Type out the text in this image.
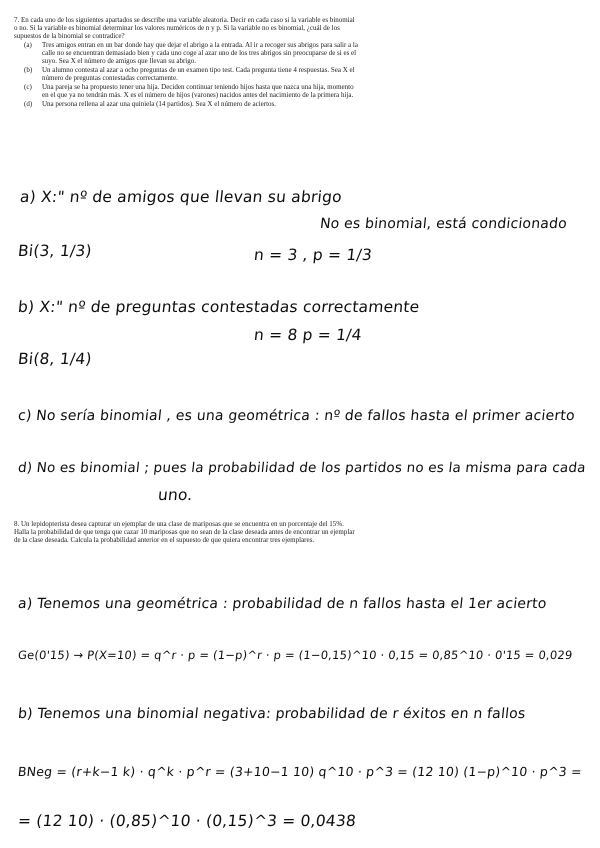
7. En cada uno de los siguientes apartados se describe una variable aleatoria. Decir en cada caso si la variable es binomial o no. Si la variable es binomial determinar los valores numéricos de n y p. Si la variable no es binomial, ¿cuál de los supuestos de la binomial se contradice?

(a)	Tres amigos entran en un bar donde hay que dejar el abrigo a la entrada. Al ir a recoger sus abrigos para salir a la calle no se encuentran demasiado bien y cada uno coge al azar uno de los tres abrigos sin preocuparse de si es el suyo. Sea X el número de amigos que llevan su abrigo.
(b)	Un alumno contesta al azar a ocho preguntas de un examen tipo test. Cada pregunta tiene 4 respuestas. Sea X el número de preguntas contestadas correctamente.
(c)	Una pareja se ha propuesto tener una hija. Deciden continuar teniendo hijos hasta que nazca una hija, momento en el que ya no tendrán más. X es el número de hijos (varones) nacidos antes del nacimiento de la primera hija.
(d)	Una persona rellena al azar una quiniela (14 partidos). Sea X el número de aciertos.
a) X:" nº de amigos que llevan su abrigo
No es binomial, está condicionado
Bi(3, 1/3)	n = 3 , p = 1/3
b) X:" nº de preguntas contestadas correctamente
n = 8 p = 1/4
Bi(8, 1/4)
c) No sería binomial , es una geométrica : nº de fallos hasta el primer acierto
d) No es binomial ; pues la probabilidad de los partidos no es la misma para cada
uno.

8. Un lepidopterista desea capturar un ejemplar de una clase de mariposas que se encuentra en un porcentaje del 15%. Halla la probabilidad de que tenga que cazar 10 mariposas que no sean de la clase deseada antes de encontrar un ejemplar de la clase deseada. Calcula la probabilidad anterior en el supuesto de que quiera encontrar tres ejemplares.

a) Tenemos una geométrica : probabilidad de n fallos hasta el 1er acierto
Ge(0'15) → P(X=10) = q^r · p = (1−p)^r · p = (1−0,15)^10 · 0,15 = 0,85^10 · 0'15 = 0,029
b) Tenemos una binomial negativa: probabilidad de r éxitos en n fallos
BNeg = (r+k−1 k) · q^k · p^r = (3+10−1 10) q^10 · p^3 = (12 10) (1−p)^10 · p^3 =
= (12 10) · (0,85)^10 · (0,15)^3 = 0,0438
